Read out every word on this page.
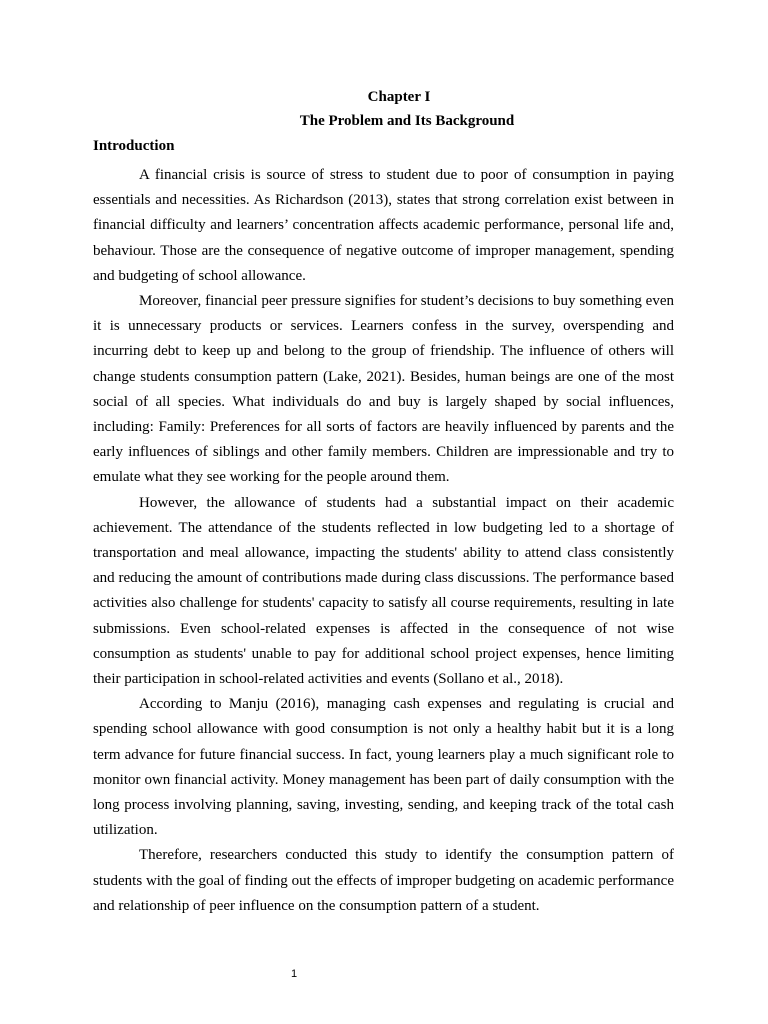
Chapter I
The Problem and Its Background
Introduction

A financial crisis is source of stress to student due to poor of consumption in paying essentials and necessities. As Richardson (2013), states that strong correlation exist between in financial difficulty and learners’ concentration affects academic performance, personal life and, behaviour. Those are the consequence of negative outcome of improper management, spending and budgeting of school allowance.

Moreover, financial peer pressure signifies for student’s decisions to buy something even it is unnecessary products or services. Learners confess in the survey, overspending and incurring debt to keep up and belong to the group of friendship. The influence of others will change students consumption pattern (Lake, 2021). Besides, human beings are one of the most social of all species. What individuals do and buy is largely shaped by social influences, including: Family: Preferences for all sorts of factors are heavily influenced by parents and the early influences of siblings and other family members. Children are impressionable and try to emulate what they see working for the people around them.

However, the allowance of students had a substantial impact on their academic achievement. The attendance of the students reflected in low budgeting led to a shortage of transportation and meal allowance, impacting the students' ability to attend class consistently and reducing the amount of contributions made during class discussions. The performance based activities also challenge for students' capacity to satisfy all course requirements, resulting in late submissions. Even school-related expenses is affected in the consequence of not wise consumption as students' unable to pay for additional school project expenses, hence limiting their participation in school-related activities and events (Sollano et al., 2018).

According to Manju (2016), managing cash expenses and regulating is crucial and spending school allowance with good consumption is not only a healthy habit but it is a long term advance for future financial success. In fact, young learners play a much significant role to monitor own financial activity. Money management has been part of daily consumption with the long process involving planning, saving, investing, sending, and keeping track of the total cash utilization.

Therefore, researchers conducted this study to identify the consumption pattern of students with the goal of finding out the effects of improper budgeting on academic performance and relationship of peer influence on the consumption pattern of a student.

1
